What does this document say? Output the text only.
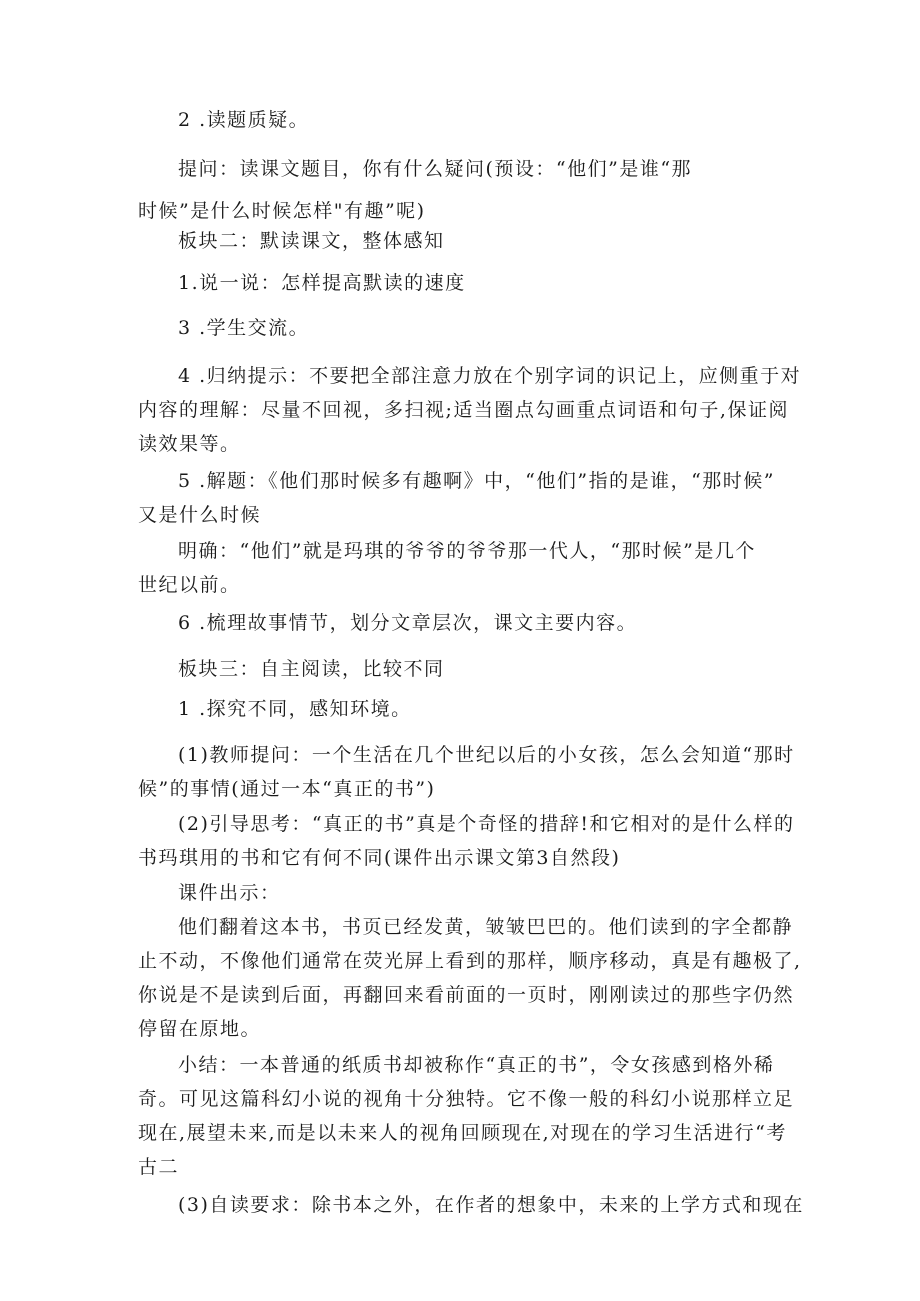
2 .读题质疑。
提问：读课文题目，你有什么疑问(预设：“他们”是谁“那
时候”是什么时候怎样"有趣”呢)
板块二：默读课文，整体感知
1.说一说：怎样提高默读的速度
3 .学生交流。
4 .归纳提示：不要把全部注意力放在个别字词的识记上，应侧重于对
内容的理解：尽量不回视，多扫视;适当圈点勾画重点词语和句子,保证阅
读效果等。
5 .解题：《他们那时候多有趣啊》中，“他们”指的是谁，“那时候”
又是什么时候
明确：“他们”就是玛琪的爷爷的爷爷那一代人，“那时候”是几个
世纪以前。
6 .梳理故事情节，划分文章层次，课文主要内容。
板块三：自主阅读，比较不同
1 .探究不同，感知环境。
(1)教师提问：一个生活在几个世纪以后的小女孩，怎么会知道“那时
候”的事情(通过一本“真正的书”)
(2)引导思考：“真正的书”真是个奇怪的措辞!和它相对的是什么样的
书玛琪用的书和它有何不同(课件出示课文第3自然段)
课件出示：
他们翻着这本书，书页已经发黄，皱皱巴巴的。他们读到的字全都静
止不动，不像他们通常在荧光屏上看到的那样，顺序移动，真是有趣极了,
你说是不是读到后面，再翻回来看前面的一页时，刚刚读过的那些字仍然
停留在原地。
小结：一本普通的纸质书却被称作“真正的书”，令女孩感到格外稀
奇。可见这篇科幻小说的视角十分独特。它不像一般的科幻小说那样立足
现在,展望未来,而是以未来人的视角回顾现在,对现在的学习生活进行“考
古二
(3)自读要求：除书本之外，在作者的想象中，未来的上学方式和现在
